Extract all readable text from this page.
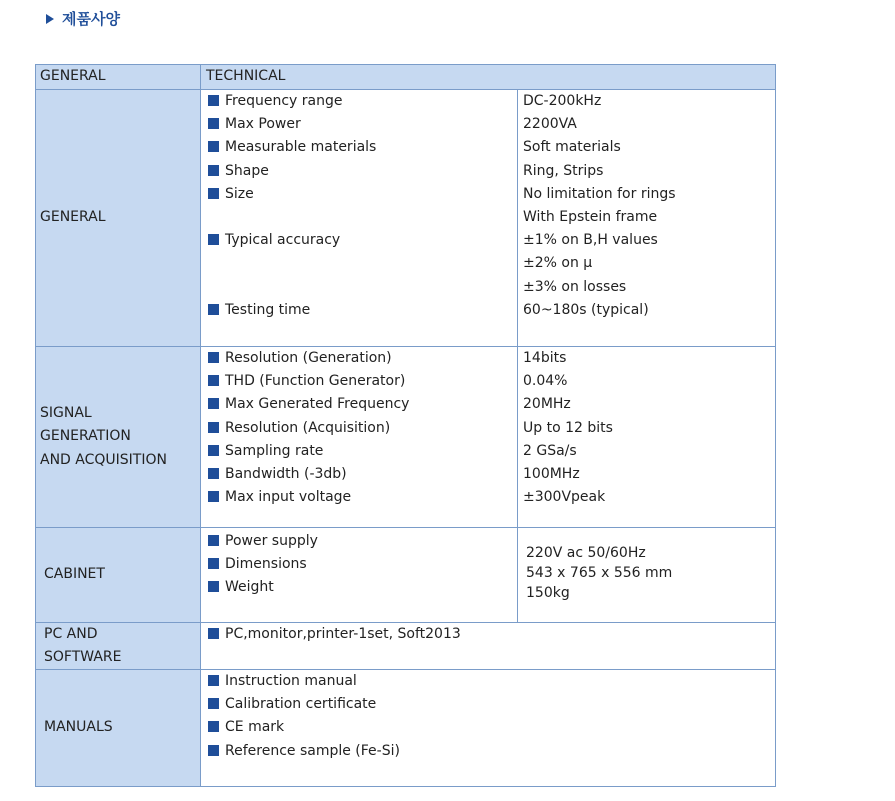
제품사양
GENERAL	TECHNICAL
GENERAL
Frequency range
Max Power
Measurable materials
Shape
Size
Typical accuracy
Testing time
DC-200kHz
2200VA
Soft materials
Ring, Strips
No limitation for rings
With Epstein frame
±1% on B,H values
±2% on μ
±3% on losses
60~180s (typical)
SIGNAL
GENERATION
AND ACQUISITION
Resolution (Generation)
THD (Function Generator)
Max Generated Frequency
Resolution (Acquisition)
Sampling rate
Bandwidth (-3db)
Max input voltage
14bits
0.04%
20MHz
Up to 12 bits
2 GSa/s
100MHz
±300Vpeak
CABINET
Power supply
Dimensions
Weight
220V ac 50/60Hz
543 x 765 x 556 mm
150kg
PC AND
SOFTWARE
PC,monitor,printer-1set, Soft2013
MANUALS
Instruction manual
Calibration certificate
CE mark
Reference sample (Fe-Si)
